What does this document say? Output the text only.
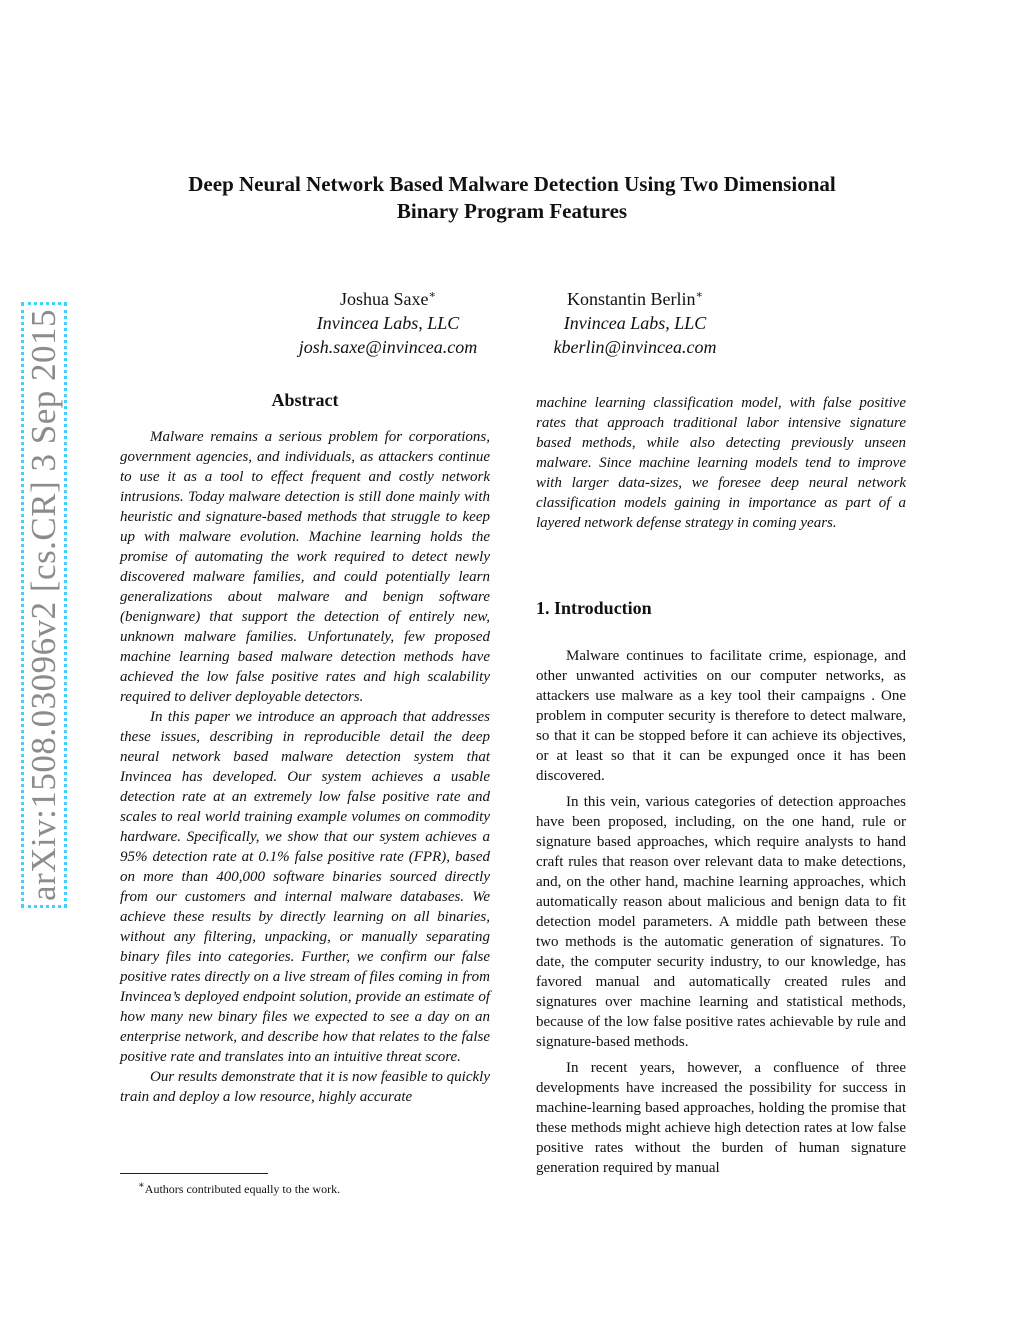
arXiv:1508.03096v2 [cs.CR] 3 Sep 2015
Deep Neural Network Based Malware Detection Using Two Dimensional
Binary Program Features
Joshua Saxe∗
Invincea Labs, LLC
josh.saxe@invincea.com
Konstantin Berlin∗
Invincea Labs, LLC
kberlin@invincea.com
Abstract

Malware remains a serious problem for corporations, government agencies, and individuals, as attackers continue to use it as a tool to effect frequent and costly network intrusions. Today malware detection is still done mainly with heuristic and signature-based methods that struggle to keep up with malware evolution. Machine learning holds the promise of automating the work required to detect newly discovered malware families, and could potentially learn generalizations about malware and benign software (benignware) that support the detection of entirely new, unknown malware families. Unfortunately, few proposed machine learning based malware detection methods have achieved the low false positive rates and high scalability required to deliver deployable detectors.

In this paper we introduce an approach that addresses these issues, describing in reproducible detail the deep neural network based malware detection system that Invincea has developed. Our system achieves a usable detection rate at an extremely low false positive rate and scales to real world training example volumes on commodity hardware. Specifically, we show that our system achieves a 95% detection rate at 0.1% false positive rate (FPR), based on more than 400,000 software binaries sourced directly from our customers and internal malware databases. We achieve these results by directly learning on all binaries, without any filtering, unpacking, or manually separating binary files into categories. Further, we confirm our false positive rates directly on a live stream of files coming in from Invincea’s deployed endpoint solution, provide an estimate of how many new binary files we expected to see a day on an enterprise network, and describe how that relates to the false positive rate and translates into an intuitive threat score.

Our results demonstrate that it is now feasible to quickly train and deploy a low resource, highly accurate

machine learning classification model, with false positive rates that approach traditional labor intensive signature based methods, while also detecting previously unseen malware. Since machine learning models tend to improve with larger data-sizes, we foresee deep neural network classification models gaining in importance as part of a layered network defense strategy in coming years.

1. Introduction

Malware continues to facilitate crime, espionage, and other unwanted activities on our computer networks, as attackers use malware as a key tool their campaigns . One problem in computer security is therefore to detect malware, so that it can be stopped before it can achieve its objectives, or at least so that it can be expunged once it has been discovered.

In this vein, various categories of detection approaches have been proposed, including, on the one hand, rule or signature based approaches, which require analysts to hand craft rules that reason over relevant data to make detections, and, on the other hand, machine learning approaches, which automatically reason about malicious and benign data to fit detection model parameters. A middle path between these two methods is the automatic generation of signatures. To date, the computer security industry, to our knowledge, has favored manual and automatically created rules and signatures over machine learning and statistical methods, because of the low false positive rates achievable by rule and signature-based methods.

In recent years, however, a confluence of three developments have increased the possibility for success in machine-learning based approaches, holding the promise that these methods might achieve high detection rates at low false positive rates without the burden of human signature generation required by manual

∗Authors contributed equally to the work.
